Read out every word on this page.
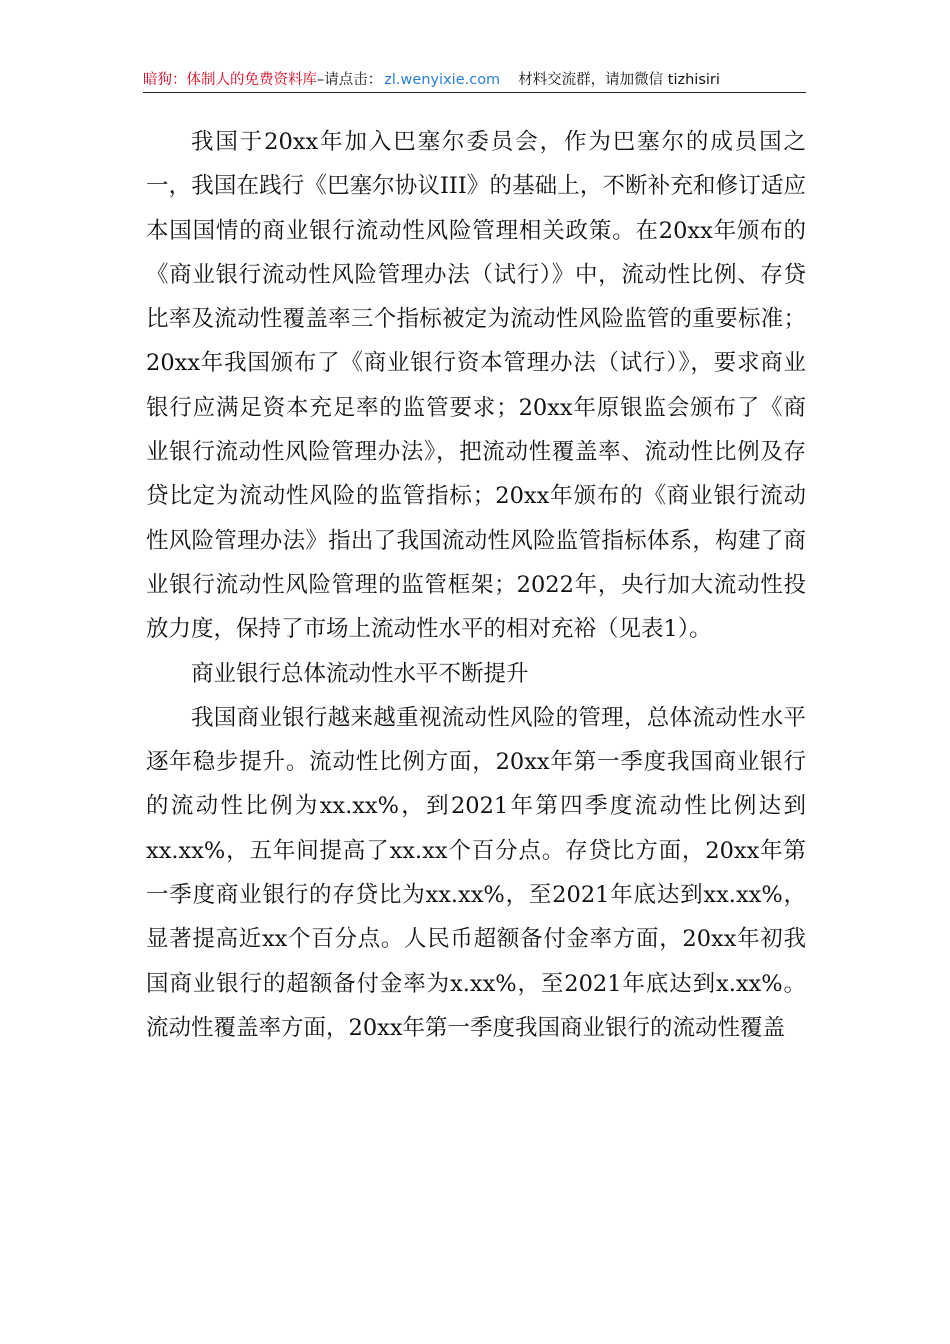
暗狗：体制人的免费资料库–请点击： zl.wenyixie.com 材料交流群，请加微信 tizhisiri

我国于20xx年加入巴塞尔委员会，作为巴塞尔的成员国之一，我国在践行《巴塞尔协议III》的基础上，不断补充和修订适应本国国情的商业银行流动性风险管理相关政策。在20xx年颁布的《商业银行流动性风险管理办法（试行）》中，流动性比例、存贷比率及流动性覆盖率三个指标被定为流动性风险监管的重要标准；20xx年我国颁布了《商业银行资本管理办法（试行）》，要求商业银行应满足资本充足率的监管要求；20xx年原银监会颁布了《商业银行流动性风险管理办法》，把流动性覆盖率、流动性比例及存贷比定为流动性风险的监管指标；20xx年颁布的《商业银行流动性风险管理办法》指出了我国流动性风险监管指标体系，构建了商业银行流动性风险管理的监管框架；2022年，央行加大流动性投放力度，保持了市场上流动性水平的相对充裕（见表1）。

商业银行总体流动性水平不断提升

我国商业银行越来越重视流动性风险的管理，总体流动性水平逐年稳步提升。流动性比例方面，20xx年第一季度我国商业银行的流动性比例为xx.xx%，到2021年第四季度流动性比例达到xx.xx%，五年间提高了xx.xx个百分点。存贷比方面，20xx年第一季度商业银行的存贷比为xx.xx%，至2021年底达到xx.xx%，显著提高近xx个百分点。人民币超额备付金率方面，20xx年初我国商业银行的超额备付金率为x.xx%，至2021年底达到x.xx%。流动性覆盖率方面，20xx年第一季度我国商业银行的流动性覆盖
